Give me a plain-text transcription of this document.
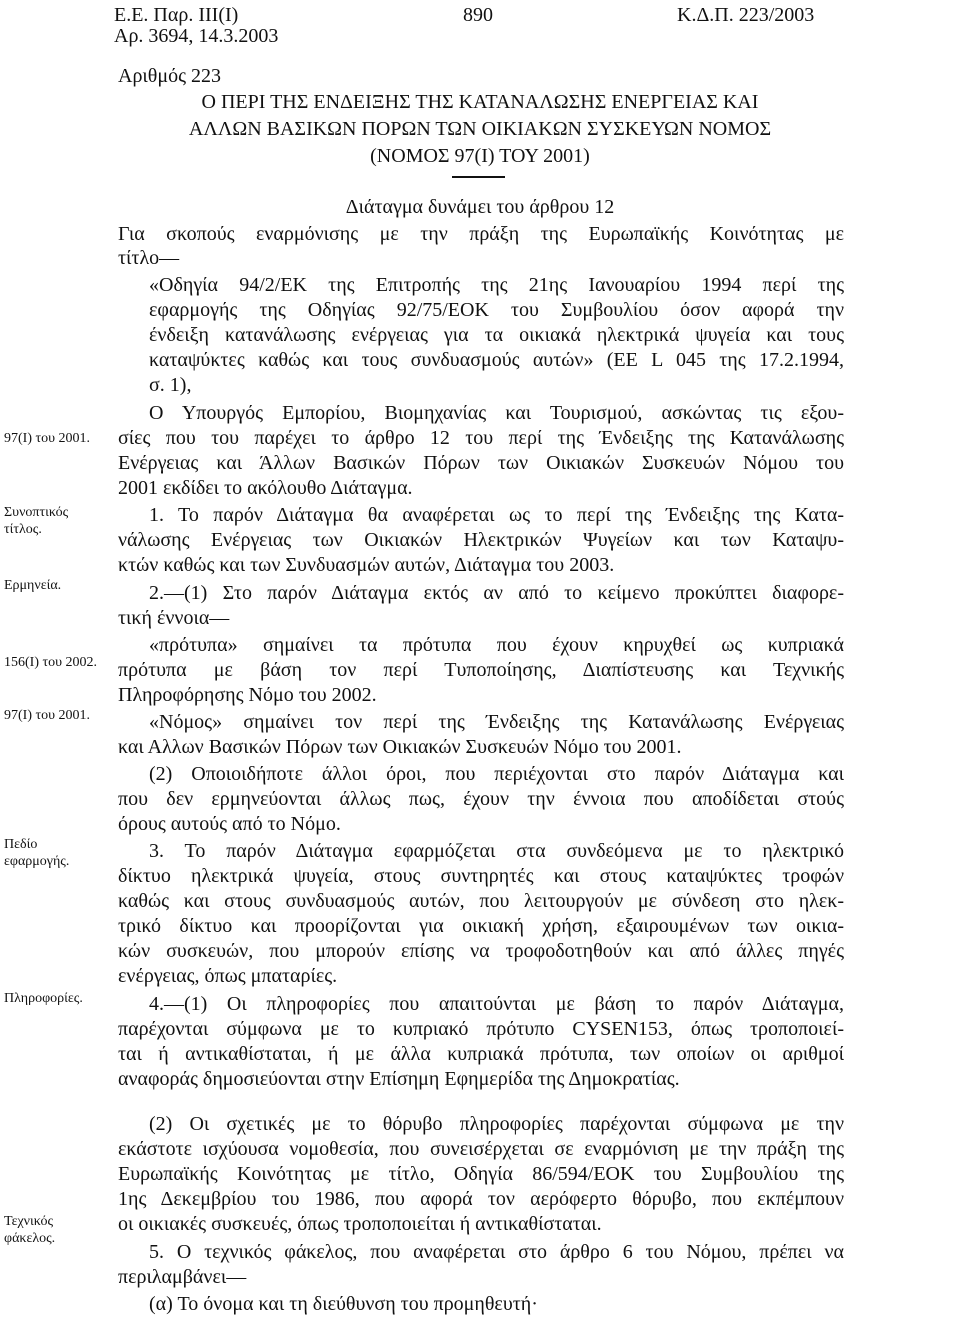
Ε.Ε. Παρ. ΙΙΙ(Ι)
Αρ. 3694, 14.3.2003
890	Κ.Δ.Π. 223/2003
Αριθμός 223
Ο ΠΕΡΙ ΤΗΣ ΕΝΔΕΙΞΗΣ ΤΗΣ ΚΑΤΑΝΑΛΩΣΗΣ ΕΝΕΡΓΕΙΑΣ ΚΑΙ
ΑΛΛΩΝ ΒΑΣΙΚΩΝ ΠΟΡΩΝ ΤΩΝ ΟΙΚΙΑΚΩΝ ΣΥΣΚΕΥΩΝ ΝΟΜΟΣ
(ΝΟΜΟΣ 97(Ι) ΤΟΥ 2001)
Διάταγμα δυνάμει του άρθρου 12
97(Ι) του 2001.
Συνοπτικός
τίτλος.
Ερμηνεία.
156(Ι) του 2002.
97(Ι) του 2001.
Πεδίο
εφαρμογής.
Πληροφορίες.
Τεχνικός
φάκελος.
Για σκοπούς εναρμόνισης με την πράξη της Ευρωπαϊκής Κοινότητας με
τίτλο—
«Οδηγία 94/2/ΕΚ της Επιτροπής της 21ης Ιανουαρίου 1994 περί της
εφαρμογής της Οδηγίας 92/75/ΕΟΚ του Συμβουλίου όσον αφορά την
ένδειξη κατανάλωσης ενέργειας για τα οικιακά ηλεκτρικά ψυγεία και τους
καταψύκτες καθώς και τους συνδυασμούς αυτών» (ΕΕ L 045 της 17.2.1994,
σ. 1),
Ο Υπουργός Εμπορίου, Βιομηχανίας και Τουρισμού, ασκώντας τις εξου-
σίες που του παρέχει το άρθρο 12 του περί της Ένδειξης της Κατανάλωσης
Ενέργειας και Άλλων Βασικών Πόρων των Οικιακών Συσκευών Νόμου του
2001 εκδίδει το ακόλουθο Διάταγμα.
1. Το παρόν Διάταγμα θα αναφέρεται ως το περί της Ένδειξης της Κατα-
νάλωσης Ενέργειας των Οικιακών Ηλεκτρικών Ψυγείων και των Καταψυ-
κτών καθώς και των Συνδυασμών αυτών, Διάταγμα του 2003.
2.—(1) Στο παρόν Διάταγμα εκτός αν από το κείμενο προκύπτει διαφορε-
τική έννοια—
«πρότυπα» σημαίνει τα πρότυπα που έχουν κηρυχθεί ως κυπριακά
πρότυπα με βάση τον περί Τυποποίησης, Διαπίστευσης και Τεχνικής
Πληροφόρησης Νόμο του 2002.
«Νόμος» σημαίνει τον περί της Ένδειξης της Κατανάλωσης Ενέργειας
και Αλλων Βασικών Πόρων των Οικιακών Συσκευών Νόμο του 2001.
(2) Οποιοιδήποτε άλλοι όροι, που περιέχονται στο παρόν Διάταγμα και
που δεν ερμηνεύονται άλλως πως, έχουν την έννοια που αποδίδεται στούς
όρους αυτούς από το Νόμο.
3. Το παρόν Διάταγμα εφαρμόζεται στα συνδεόμενα με το ηλεκτρικό
δίκτυο ηλεκτρικά ψυγεία, στους συντηρητές και στους καταψύκτες τροφών
καθώς και στους συνδυασμούς αυτών, που λειτουργούν με σύνδεση στο ηλεκ-
τρικό δίκτυο και προορίζονται για οικιακή χρήση, εξαιρουμένων των οικια-
κών συσκευών, που μπορούν επίσης να τροφοδοτηθούν και από άλλες πηγές
ενέργειας, όπως μπαταρίες.
4.—(1) Οι πληροφορίες που απαιτούνται με βάση το παρόν Διάταγμα,
παρέχονται σύμφωνα με το κυπριακό πρότυπο CYSEN153, όπως τροποποιεί-
ται ή αντικαθίσταται, ή με άλλα κυπριακά πρότυπα, των οποίων οι αριθμοί
αναφοράς δημοσιεύονται στην Επίσημη Εφημερίδα της Δημοκρατίας.
(2) Οι σχετικές με το θόρυβο πληροφορίες παρέχονται σύμφωνα με την
εκάστοτε ισχύουσα νομοθεσία, που συνεισέρχεται σε εναρμόνιση με την πράξη της
Ευρωπαϊκής Κοινότητας με τίτλο, Οδηγία 86/594/ΕΟΚ του Συμβουλίου της
1ης Δεκεμβρίου του 1986, που αφορά τον αερόφερτο θόρυβο, που εκπέμπουν
οι οικιακές συσκευές, όπως τροποποιείται ή αντικαθίσταται.
5. Ο τεχνικός φάκελος, που αναφέρεται στο άρθρο 6 του Νόμου, πρέπει να
περιλαμβάνει—
(α) Το όνομα και τη διεύθυνση του προμηθευτή·
